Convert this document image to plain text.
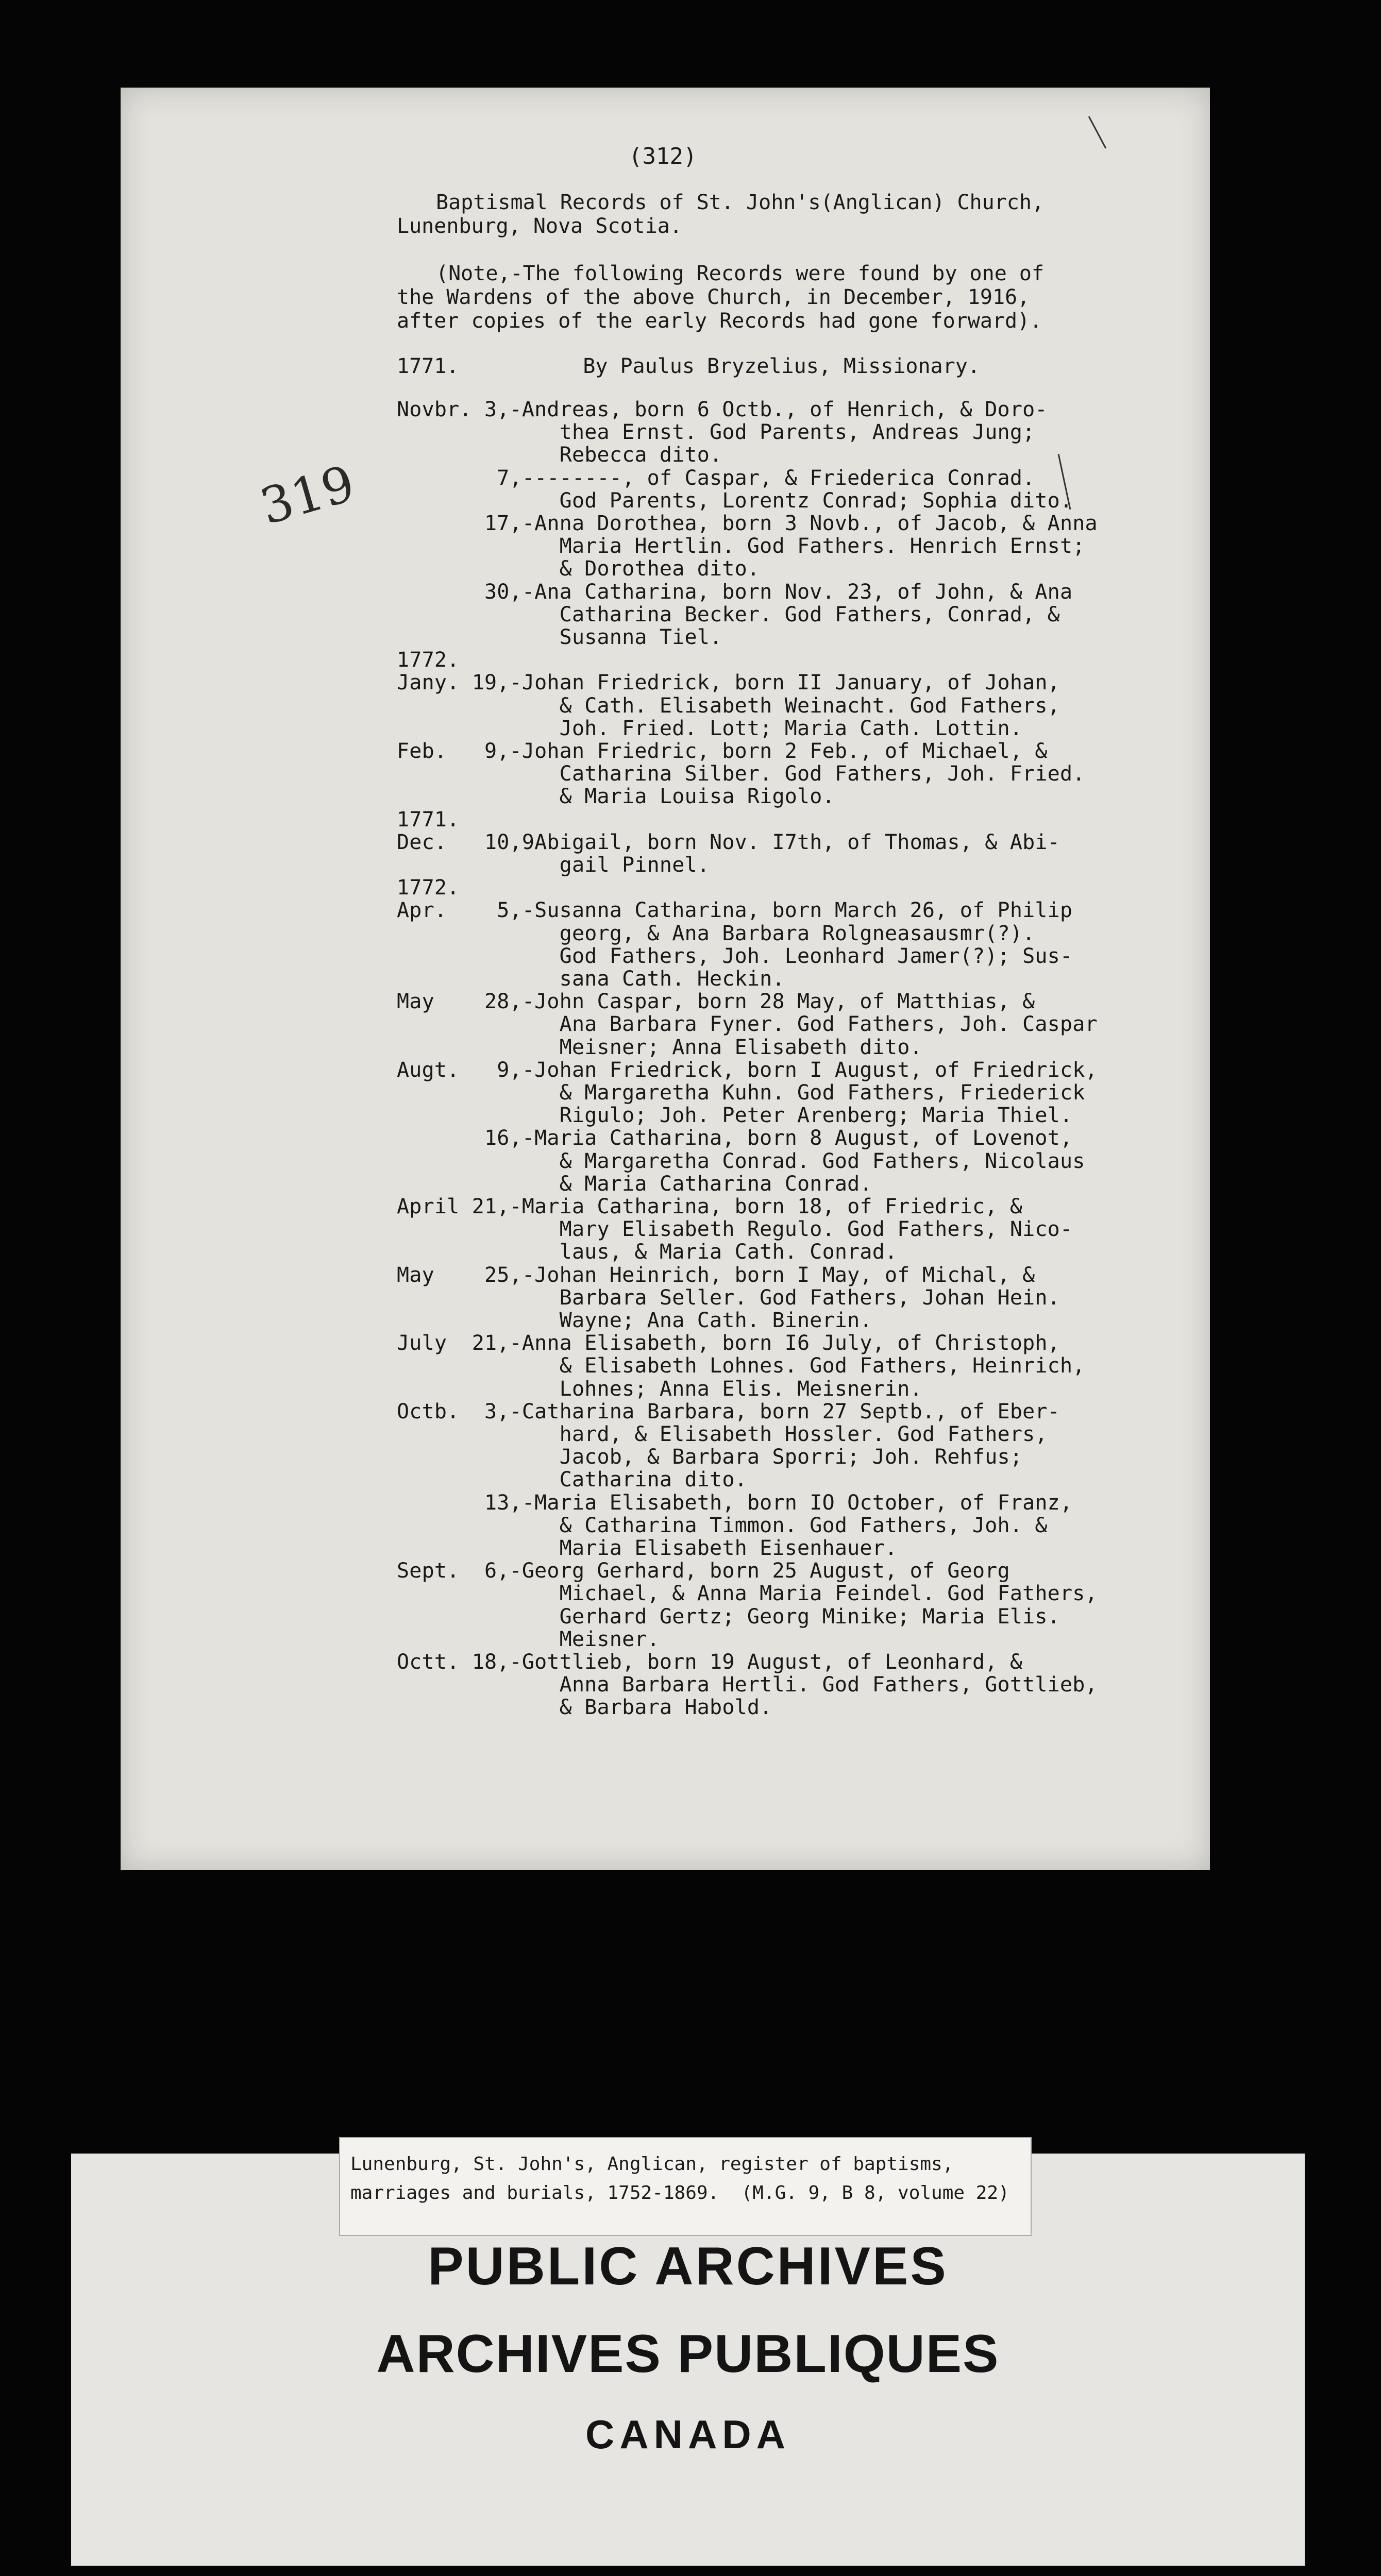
(312)
Baptismal Records of St. John's(Anglican) Church,
Lunenburg, Nova Scotia.
(Note,-The following Records were found by one of
the Wardens of the above Church, in December, 1916,
after copies of the early Records had gone forward).
1771.          By Paulus Bryzelius, Missionary.
319
Novbr. 3,-Andreas, born 6 Octb., of Henrich, & Doro-
thea Ernst. God Parents, Andreas Jung;
Rebecca dito.
7,--------, of Caspar, & Friederica Conrad.
God Parents, Lorentz Conrad; Sophia dito.
17,-Anna Dorothea, born 3 Novb., of Jacob, & Anna
Maria Hertlin. God Fathers. Henrich Ernst;
& Dorothea dito.
30,-Ana Catharina, born Nov. 23, of John, & Ana
Catharina Becker. God Fathers, Conrad, &
Susanna Tiel.
1772.
Jany. 19,-Johan Friedrick, born II January, of Johan,
& Cath. Elisabeth Weinacht. God Fathers,
Joh. Fried. Lott; Maria Cath. Lottin.
Feb.   9,-Johan Friedric, born 2 Feb., of Michael, &
Catharina Silber. God Fathers, Joh. Fried.
& Maria Louisa Rigolo.
1771.
Dec.   10,9Abigail, born Nov. I7th, of Thomas, & Abi-
gail Pinnel.
1772.
Apr.    5,-Susanna Catharina, born March 26, of Philip
georg, & Ana Barbara Rolgneasausmr(?).
God Fathers, Joh. Leonhard Jamer(?); Sus-
sana Cath. Heckin.
May    28,-John Caspar, born 28 May, of Matthias, &
Ana Barbara Fyner. God Fathers, Joh. Caspar
Meisner; Anna Elisabeth dito.
Augt.   9,-Johan Friedrick, born I August, of Friedrick,
& Margaretha Kuhn. God Fathers, Friederick
Rigulo; Joh. Peter Arenberg; Maria Thiel.
16,-Maria Catharina, born 8 August, of Lovenot,
& Margaretha Conrad. God Fathers, Nicolaus
& Maria Catharina Conrad.
April 21,-Maria Catharina, born 18, of Friedric, &
Mary Elisabeth Regulo. God Fathers, Nico-
laus, & Maria Cath. Conrad.
May    25,-Johan Heinrich, born I May, of Michal, &
Barbara Seller. God Fathers, Johan Hein.
Wayne; Ana Cath. Binerin.
July  21,-Anna Elisabeth, born I6 July, of Christoph,
& Elisabeth Lohnes. God Fathers, Heinrich,
Lohnes; Anna Elis. Meisnerin.
Octb.  3,-Catharina Barbara, born 27 Septb., of Eber-
hard, & Elisabeth Hossler. God Fathers,
Jacob, & Barbara Sporri; Joh. Rehfus;
Catharina dito.
13,-Maria Elisabeth, born IO October, of Franz,
& Catharina Timmon. God Fathers, Joh. &
Maria Elisabeth Eisenhauer.
Sept.  6,-Georg Gerhard, born 25 August, of Georg
Michael, & Anna Maria Feindel. God Fathers,
Gerhard Gertz; Georg Minike; Maria Elis.
Meisner.
Octt. 18,-Gottlieb, born 19 August, of Leonhard, &
Anna Barbara Hertli. God Fathers, Gottlieb,
& Barbara Habold.
Lunenburg, St. John's, Anglican, register of baptisms,
marriages and burials, 1752-1869.  (M.G. 9, B 8, volume 22)
PUBLIC ARCHIVES
ARCHIVES PUBLIQUES
CANADA
